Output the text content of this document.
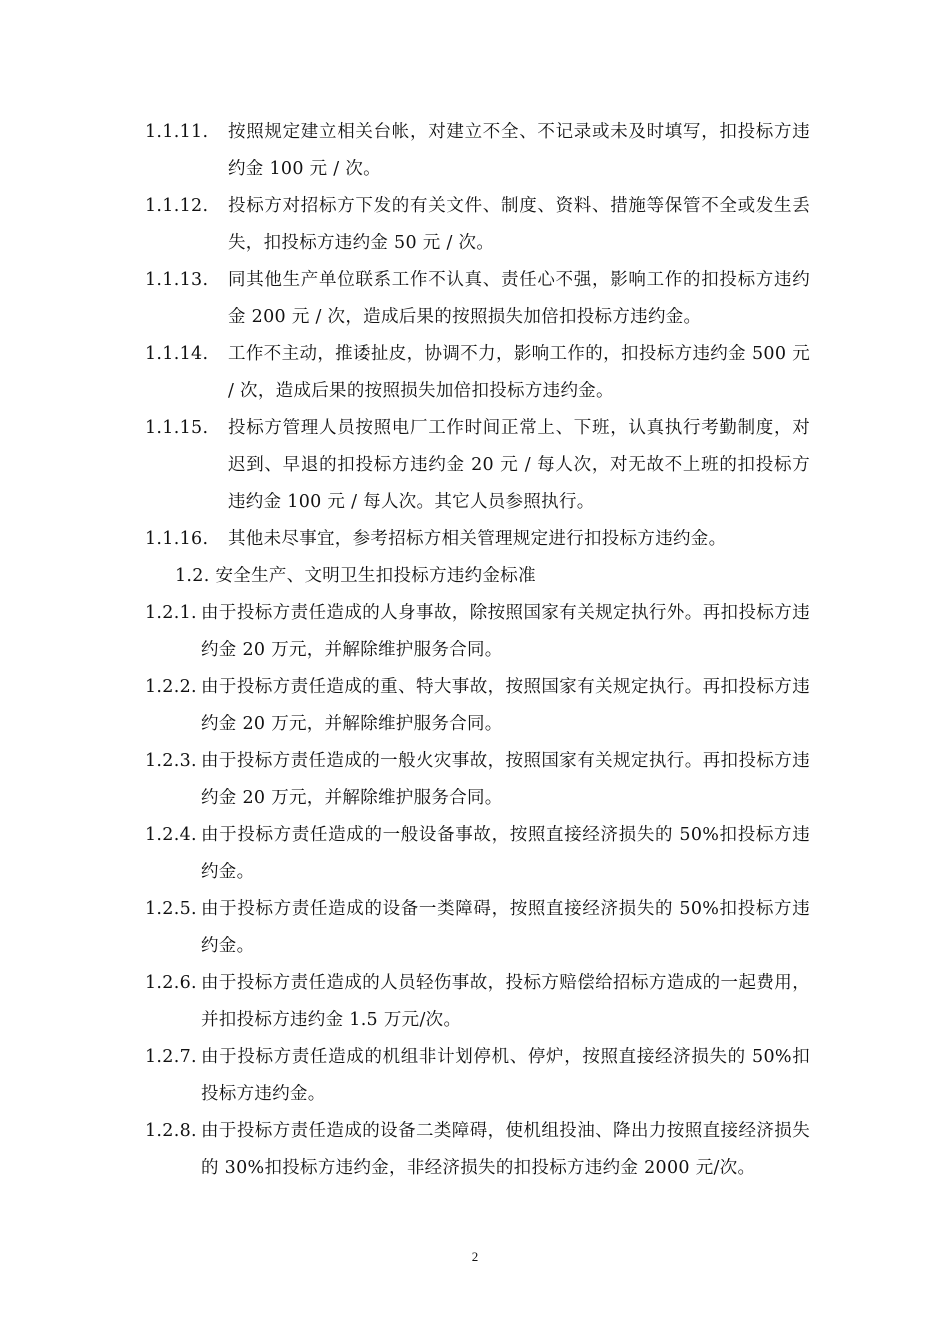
1.1.11.	按照规定建立相关台帐，对建立不全、不记录或未及时填写，扣投标方违约金 100 元 / 次。
1.1.12.	投标方对招标方下发的有关文件、制度、资料、措施等保管不全或发生丢失，扣投标方违约金 50 元 / 次。
1.1.13.	同其他生产单位联系工作不认真、责任心不强，影响工作的扣投标方违约金 200 元 / 次，造成后果的按照损失加倍扣投标方违约金。
1.1.14.	工作不主动，推诿扯皮，协调不力，影响工作的，扣投标方违约金 500 元 / 次，造成后果的按照损失加倍扣投标方违约金。
1.1.15.	投标方管理人员按照电厂工作时间正常上、下班，认真执行考勤制度，对迟到、早退的扣投标方违约金 20 元 / 每人次，对无故不上班的扣投标方违约金 100 元 / 每人次。其它人员参照执行。
1.1.16.	其他未尽事宜，参考招标方相关管理规定进行扣投标方违约金。
1.2. 安全生产、文明卫生扣投标方违约金标准
1.2.1. 由于投标方责任造成的人身事故，除按照国家有关规定执行外。再扣投标方违约金 20 万元，并解除维护服务合同。
1.2.2. 由于投标方责任造成的重、特大事故，按照国家有关规定执行。再扣投标方违约金 20 万元，并解除维护服务合同。
1.2.3. 由于投标方责任造成的一般火灾事故，按照国家有关规定执行。再扣投标方违约金 20 万元，并解除维护服务合同。
1.2.4. 由于投标方责任造成的一般设备事故，按照直接经济损失的 50%扣投标方违约金。
1.2.5. 由于投标方责任造成的设备一类障碍，按照直接经济损失的 50%扣投标方违约金。
1.2.6. 由于投标方责任造成的人员轻伤事故，投标方赔偿给招标方造成的一起费用，并扣投标方违约金 1.5 万元/次。
1.2.7. 由于投标方责任造成的机组非计划停机、停炉，按照直接经济损失的 50%扣投标方违约金。
1.2.8. 由于投标方责任造成的设备二类障碍，使机组投油、降出力按照直接经济损失的 30%扣投标方违约金，非经济损失的扣投标方违约金 2000 元/次。
2
